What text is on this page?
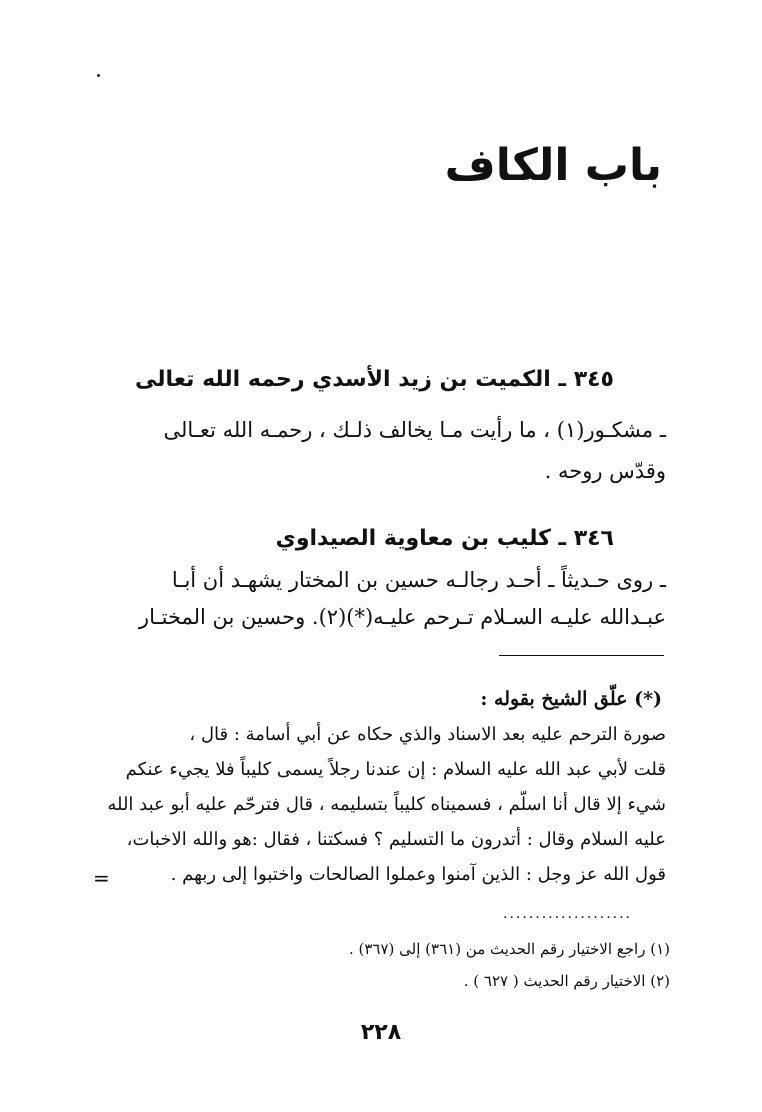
باب الكاف
٣٤٥ ـ الكميت بن زيد الأسدي رحمه الله تعالى
ـ مشكـور(١) ، ما رأيت مـا يخالف ذلـك ، رحمـه الله تعـالى
وقدّس روحه .
٣٤٦ ـ كليب بن معاوية الصيداوي
ـ روى حـديثاً ـ أحـد رجالـه حسين بن المختار يشهـد أن أبـا
عبـدالله عليـه السـلام تـرحم عليـه(*)(٢). وحسين بن المختـار
(*) علّق الشيخ بقوله :
صورة الترحم عليه بعد الاسناد والذي حكاه عن أبي أسامة : قال ،
قلت لأبي عبد الله عليه السلام : إن عندنا رجلاً يسمى كليباً فلا يجيء عنكم
شيء إلا قال أنا اسلّم ، فسميناه كليباً بتسليمه ، قال فترحّم عليه أبو عبد الله
عليه السلام وقال : أتدرون ما التسليم ؟ فسكتنا ، فقال :هو والله الاخبات،
قول الله عز وجل : الذين آمنوا وعملوا الصالحات واختبوا إلى ربهم .
=
....................
(١) راجع الاختيار رقم الحديث من (٣٦١) إلى (٣٦٧) .
(٢) الاختيار رقم الحديث ( ٦٢٧ ) .
٢٢٨
